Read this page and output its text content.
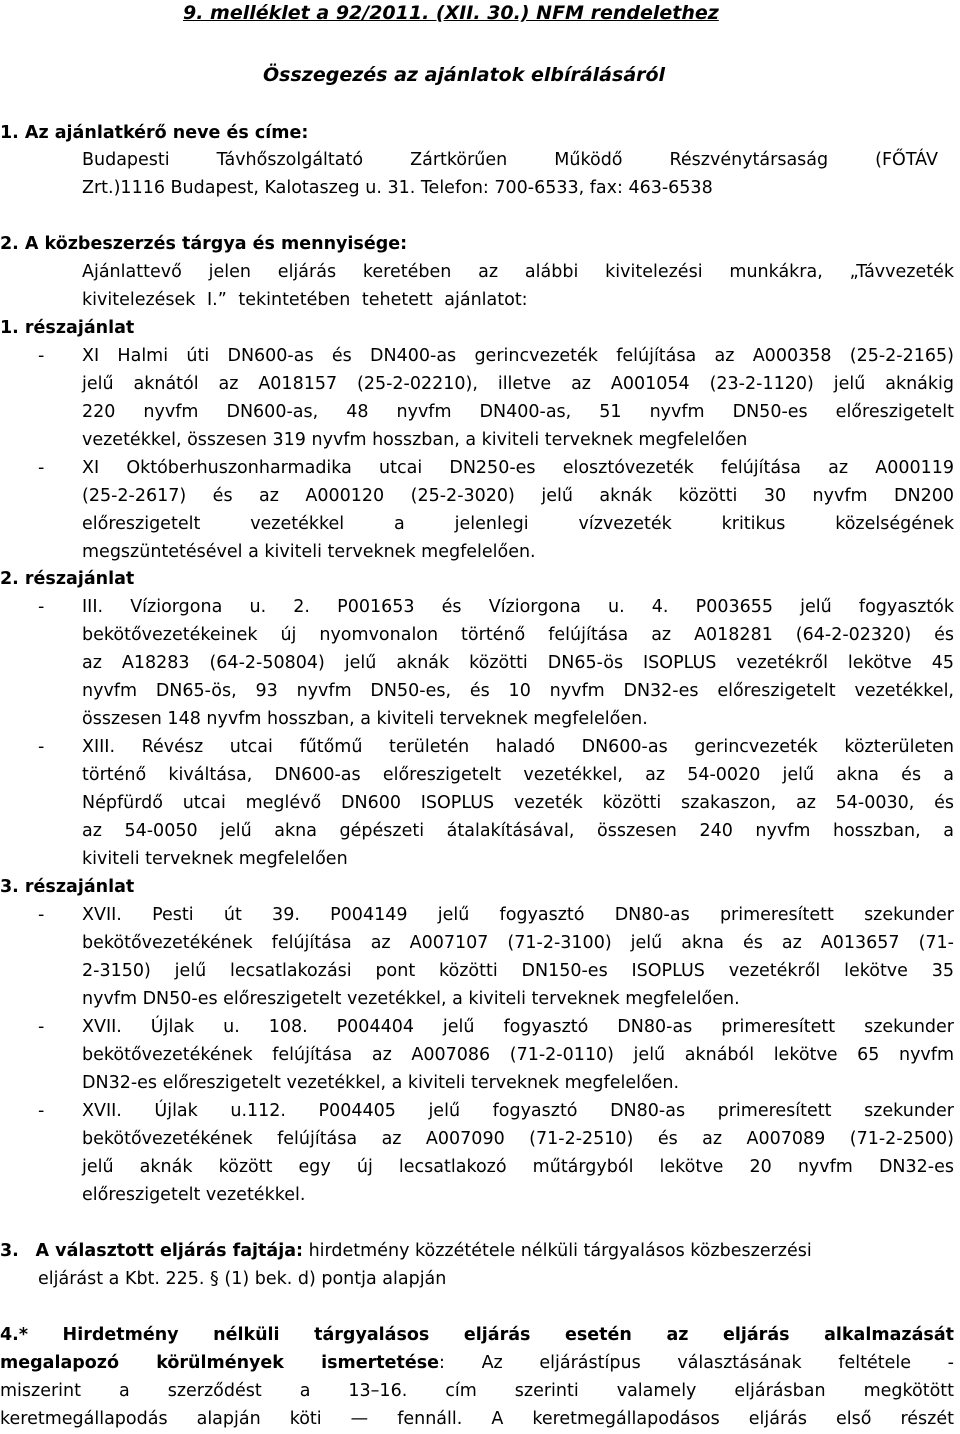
9. melléklet a 92/2011. (XII. 30.) NFM rendelethez
Összegezés az ajánlatok elbírálásáról
1. Az ajánlatkérő neve és címe:
Budapesti Távhőszolgáltató Zártkörűen Működő Részvénytársaság (FŐTÁV
Zrt.)1116 Budapest, Kalotaszeg u. 31. Telefon: 700-6533, fax: 463-6538
2. A közbeszerzés tárgya és mennyisége:
Ajánlattevő jelen eljárás keretében az alábbi kivitelezési munkákra, „Távvezeték
kivitelezések I.” tekintetében tehetett ajánlatot:
1. részajánlat
- XI Halmi úti DN600-as és DN400-as gerincvezeték felújítása az A000358 (25-2-2165)
jelű aknától az A018157 (25-2-02210), illetve az A001054 (23-2-1120) jelű aknákig
220 nyvfm DN600-as, 48 nyvfm DN400-as, 51 nyvfm DN50-es előreszigetelt
vezetékkel, összesen 319 nyvfm hosszban, a kiviteli terveknek megfelelően
- XI Októberhuszonharmadika utcai DN250-es elosztóvezeték felújítása az A000119
(25-2-2617) és az A000120 (25-2-3020) jelű aknák közötti 30 nyvfm DN200
előreszigetelt vezetékkel a jelenlegi vízvezeték kritikus közelségének
megszüntetésével a kiviteli terveknek megfelelően.
2. részajánlat
- III. Víziorgona u. 2. P001653 és Víziorgona u. 4. P003655 jelű fogyasztók
bekötővezetékeinek új nyomvonalon történő felújítása az A018281 (64-2-02320) és
az A18283 (64-2-50804) jelű aknák közötti DN65-ös ISOPLUS vezetékről lekötve 45
nyvfm DN65-ös, 93 nyvfm DN50-es, és 10 nyvfm DN32-es előreszigetelt vezetékkel,
összesen 148 nyvfm hosszban, a kiviteli terveknek megfelelően.
- XIII. Révész utcai fűtőmű területén haladó DN600-as gerincvezeték közterületen
történő kiváltása, DN600-as előreszigetelt vezetékkel, az 54-0020 jelű akna és a
Népfürdő utcai meglévő DN600 ISOPLUS vezeték közötti szakaszon, az 54-0030, és
az 54-0050 jelű akna gépészeti átalakításával, összesen 240 nyvfm hosszban, a
kiviteli terveknek megfelelően
3. részajánlat
- XVII. Pesti út 39. P004149 jelű fogyasztó DN80-as primeresített szekunder
bekötővezetékének felújítása az A007107 (71-2-3100) jelű akna és az A013657 (71-
2-3150) jelű lecsatlakozási pont közötti DN150-es ISOPLUS vezetékről lekötve 35
nyvfm DN50-es előreszigetelt vezetékkel, a kiviteli terveknek megfelelően.
- XVII. Újlak u. 108. P004404 jelű fogyasztó DN80-as primeresített szekunder
bekötővezetékének felújítása az A007086 (71-2-0110) jelű aknából lekötve 65 nyvfm
DN32-es előreszigetelt vezetékkel, a kiviteli terveknek megfelelően.
- XVII. Újlak u.112. P004405 jelű fogyasztó DN80-as primeresített szekunder
bekötővezetékének felújítása az A007090 (71-2-2510) és az A007089 (71-2-2500)
jelű aknák között egy új lecsatlakozó műtárgyból lekötve 20 nyvfm DN32-es
előreszigetelt vezetékkel.
3. A választott eljárás fajtája: hirdetmény közzététele nélküli tárgyalásos közbeszerzési
eljárást a Kbt. 225. § (1) bek. d) pontja alapján
4.* Hirdetmény nélküli tárgyalásos eljárás esetén az eljárás alkalmazását
megalapozó körülmények ismertetése: Az eljárástípus választásának feltétele -
miszerint a szerződést a 13–16. cím szerinti valamely eljárásban megkötött
keretmegállapodás alapján köti — fennáll. A keretmegállapodásos eljárás első részét
